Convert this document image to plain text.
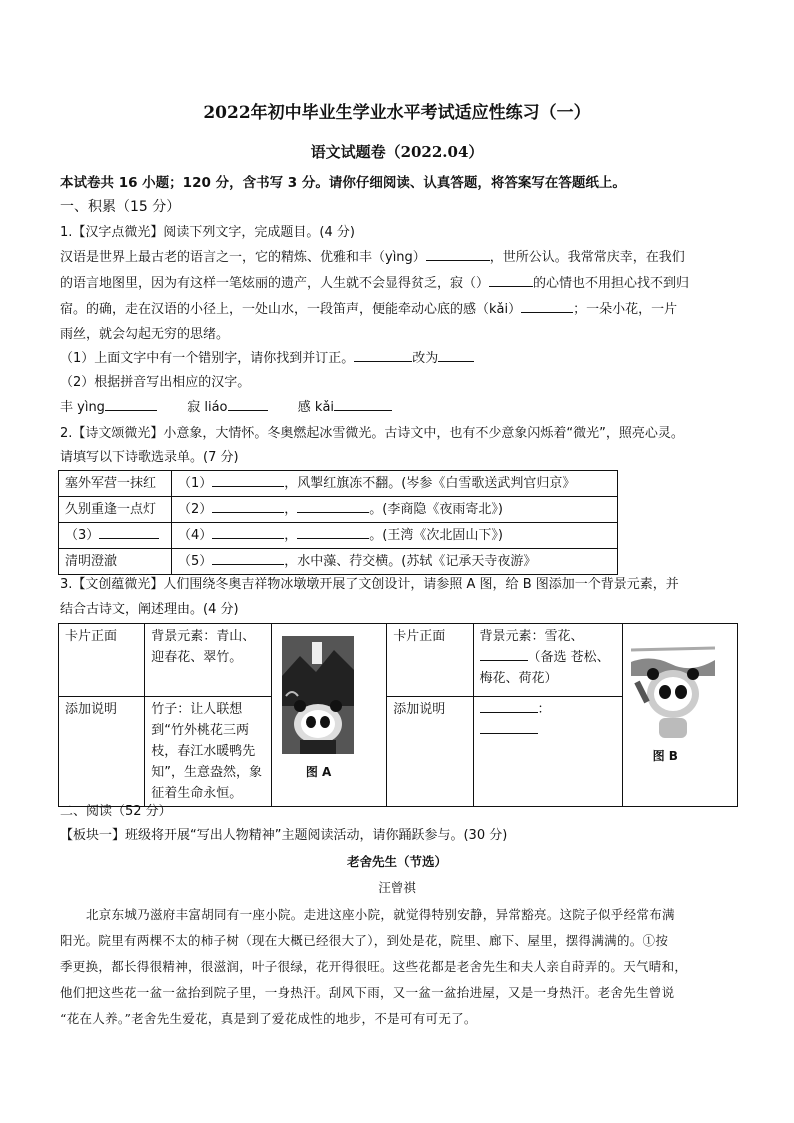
2022年初中毕业生学业水平考试适应性练习（一）
语文试题卷（2022.04）
本试卷共 16 小题；120 分，含书写 3 分。请你仔细阅读、认真答题，将答案写在答题纸上。
一、积累（15 分）
1.【汉字点微光】阅读下列文字，完成题目。(4 分)
汉语是世界上最古老的语言之一，它的精炼、优雅和丰（yìng）	，世所公认。我常常庆幸，在我们
的语言地图里，因为有这样一笔炫丽的遗产，人生就不会显得贫乏，寂（）	的心情也不用担心找不到归
宿。的确，走在汉语的小径上，一处山水，一段笛声，便能牵动心底的感（kǎi）	；一朵小花，一片
雨丝，就会勾起无穷的思绪。
（1）上面文字中有一个错别字，请你找到并订正。	改为
（2）根据拼音写出相应的汉字。
丰 yìng	寂 liáo	感 kǎi
2.【诗文颂微光】小意象，大情怀。冬奥燃起冰雪微光。古诗文中，也有不少意象闪烁着“微光”，照亮心灵。
请填写以下诗歌选录单。(7 分)
塞外军营一抹红	（1） ，风掣红旗冻不翻。(岑参《白雪歌送武判官归京》
久别重逢一点灯	（2） ， 。(李商隐《夜雨寄北》)
（3）	（4） ， 。(王湾《次北固山下》)
清明澄澈	（5） ，水中藻、荇交横。(苏轼《记承天寺夜游》
3.【文创蕴微光】人们围绕冬奥吉祥物冰墩墩开展了文创设计，请参照 A 图，给 B 图添加一个背景元素，并
结合古诗文，阐述理由。(4 分)
卡片正面	背景元素：青山、迎春花、翠竹。	图 A	卡片正面	背景元素：雪花、
（备选 苍松、
梅花、荷花）	图 B

添加说明	竹子：让人联想到“竹外桃花三两枝，春江水暖鸭先知”，生意盎然，象征着生命永恒。		添加说明	：	

二、阅读（52 分）
【板块一】班级将开展“写出人物精神”主题阅读活动，请你踊跃参与。(30 分)
老舍先生（节选）
汪曾祺
北京东城乃滋府丰富胡同有一座小院。走进这座小院，就觉得特别安静，异常豁亮。这院子似乎经常布满
阳光。院里有两棵不太的柿子树（现在大概已经很大了），到处是花，院里、廊下、屋里，摆得满满的。①按
季更换，都长得很精神，很滋润，叶子很绿，花开得很旺。这些花都是老舍先生和夫人亲自莳弄的。天气晴和，
他们把这些花一盆一盆抬到院子里，一身热汗。刮风下雨，又一盆一盆抬进屋，又是一身热汗。老舍先生曾说
“花在人养。”老舍先生爱花，真是到了爱花成性的地步，不是可有可无了。
